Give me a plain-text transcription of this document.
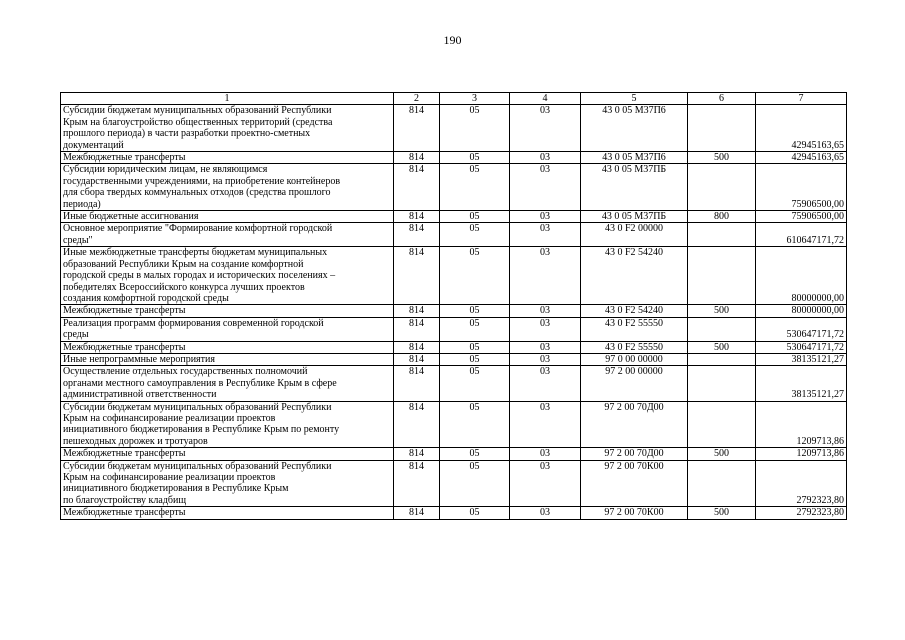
190
1	2	3	4	5	6	7

Субсидии бюджетам муниципальных образований Республики
Крым на благоустройство общественных территорий (средства
прошлого периода) в части разработки проектно-сметных
документаций	814	05	03	43 0 05 М37П6		42945163,65

Межбюджетные трансферты	814	05	03	43 0 05 М37П6	500	42945163,65

Субсидии юридическим лицам, не являющимся
государственными учреждениями, на приобретение контейнеров
для сбора твердых коммунальных отходов (средства прошлого
периода)	814	05	03	43 0 05 М37ПБ		75906500,00

Иные бюджетные ассигнования	814	05	03	43 0 05 М37ПБ	800	75906500,00

Основное мероприятие "Формирование комфортной городской
среды"	814	05	03	43 0 F2 00000		610647171,72

Иные межбюджетные трансферты бюджетам муниципальных
образований Республики Крым на создание комфортной
городской среды в малых городах и исторических поселениях –
победителях Всероссийского конкурса лучших проектов
создания комфортной городской среды	814	05	03	43 0 F2 54240		80000000,00

Межбюджетные трансферты	814	05	03	43 0 F2 54240	500	80000000,00

Реализация программ формирования современной городской
среды	814	05	03	43 0 F2 55550		530647171,72

Межбюджетные трансферты	814	05	03	43 0 F2 55550	500	530647171,72

Иные непрограммные мероприятия	814	05	03	97 0 00 00000		38135121,27

Осуществление отдельных государственных полномочий
органами местного самоуправления в Республике Крым в сфере
административной ответственности	814	05	03	97 2 00 00000		38135121,27

Субсидии бюджетам муниципальных образований Республики
Крым на софинансирование реализации проектов
инициативного бюджетирования в Республике Крым по ремонту
пешеходных дорожек и тротуаров	814	05	03	97 2 00 70Д00		1209713,86

Межбюджетные трансферты	814	05	03	97 2 00 70Д00	500	1209713,86

Субсидии бюджетам муниципальных образований Республики
Крым на софинансирование реализации проектов
инициативного бюджетирования в Республике Крым
по благоустройству кладбищ	814	05	03	97 2 00 70К00		2792323,80

Межбюджетные трансферты	814	05	03	97 2 00 70К00	500	2792323,80
